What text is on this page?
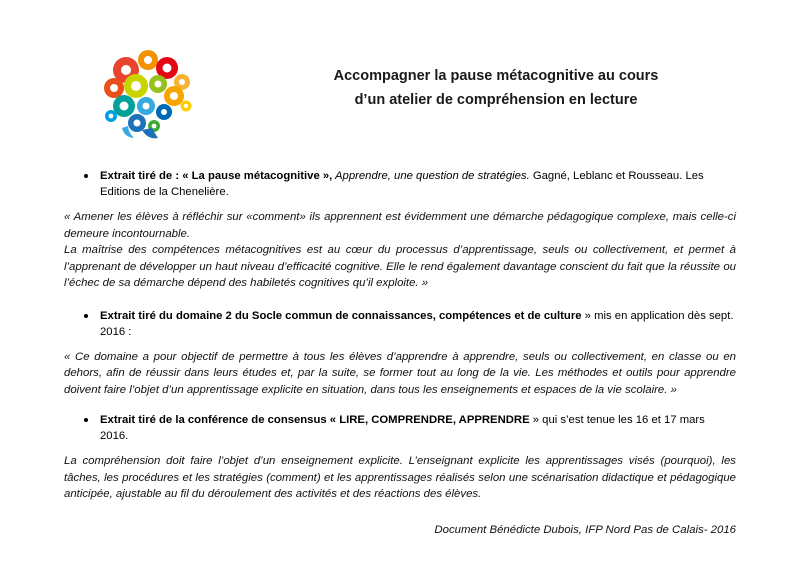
Accompagner la pause métacognitive au cours
d’un atelier de compréhension en lecture
Extrait tiré de : « La pause métacognitive », Apprendre, une question de stratégies. Gagné, Leblanc et Rousseau. Les Editions de la Chenelière.

« Amener les élèves à réfléchir sur «comment» ils apprennent est évidemment une démarche pédagogique complexe, mais celle-ci demeure incontournable.

La maîtrise des compétences métacognitives est au cœur du processus d’apprentissage, seuls ou collectivement, et permet à l’apprenant de développer un haut niveau d’efficacité cognitive. Elle le rend également davantage conscient du fait que la réussite ou l’échec de sa démarche dépend des habiletés cognitives qu’il exploite. »

Extrait tiré du domaine 2 du Socle commun de connaissances, compétences et de culture » mis en application dès sept. 2016 :

« Ce domaine a pour objectif de permettre à tous les élèves d’apprendre à apprendre, seuls ou collectivement, en classe ou en dehors, afin de réussir dans leurs études et, par la suite, se former tout au long de la vie. Les méthodes et outils pour apprendre doivent faire l’objet d’un apprentissage explicite en situation, dans tous les enseignements et espaces de la vie scolaire. »

Extrait tiré de la conférence de consensus « LIRE, COMPRENDRE, APPRENDRE » qui s’est tenue les 16 et 17 mars 2016.

La compréhension doit faire l’objet d’un enseignement explicite. L’enseignant explicite les apprentissages visés (pourquoi), les tâches, les procédures et les stratégies (comment) et les apprentissages réalisés selon une scénarisation didactique et pédagogique anticipée, ajustable au fil du déroulement des activités et des réactions des élèves.

Document Bénédicte Dubois, IFP Nord Pas de Calais- 2016
